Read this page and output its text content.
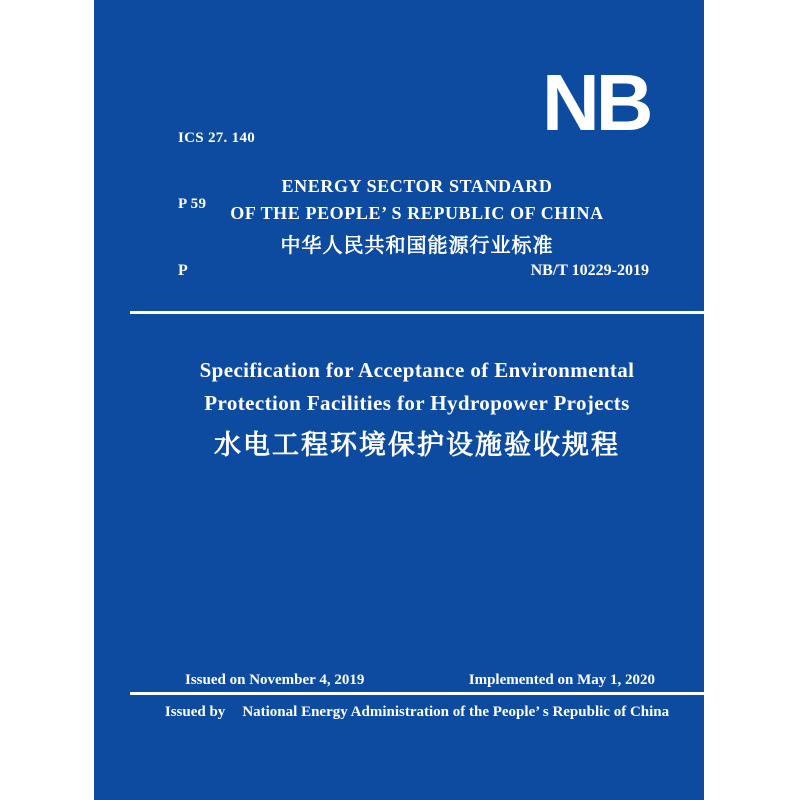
ICS 27. 140

P 59

NB
ENERGY SECTOR STANDARD
OF THE PEOPLE’ S REPUBLIC OF CHINA
中华人民共和国能源行业标准
P	NB/T 10229-2019
Specification for Acceptance of Environmental
Protection Facilities for Hydropower Projects
水电工程环境保护设施验收规程
Issued on November 4, 2019	Implemented on May 1, 2020
Issued by National Energy Administration of the People’ s Republic of China
